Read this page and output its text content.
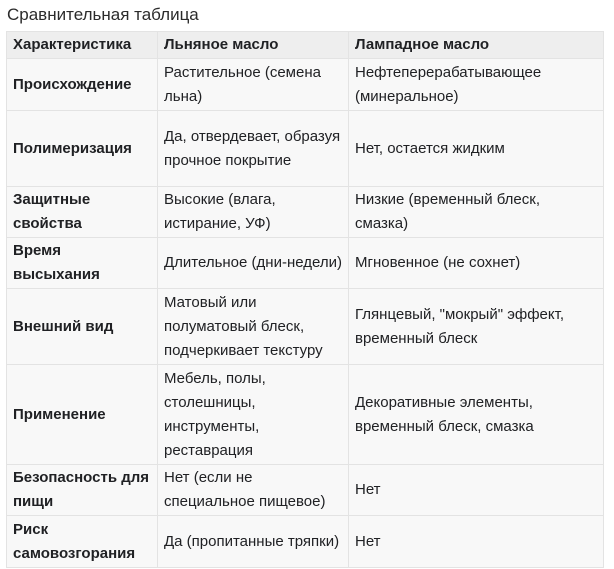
Сравнительная таблица
Характеристика	Льняное масло	Лампадное масло
Происхождение	Растительное (семена льна)	Нефтеперерабатывающее (минеральное)
Полимеризация	Да, отвердевает, образуя прочное покрытие	Нет, остается жидким
Защитные свойства	Высокие (влага, истирание, УФ)	Низкие (временный блеск, смазка)
Время высыхания	Длительное (дни-недели)	Мгновенное (не сохнет)
Внешний вид	Матовый или полуматовый блеск, подчеркивает текстуру	Глянцевый, "мокрый" эффект, временный блеск
Применение	Мебель, полы, столешницы, инструменты, реставрация	Декоративные элементы, временный блеск, смазка
Безопасность для пищи	Нет (если не специальное пищевое)	Нет
Риск самовозгорания	Да (пропитанные тряпки)	Нет
